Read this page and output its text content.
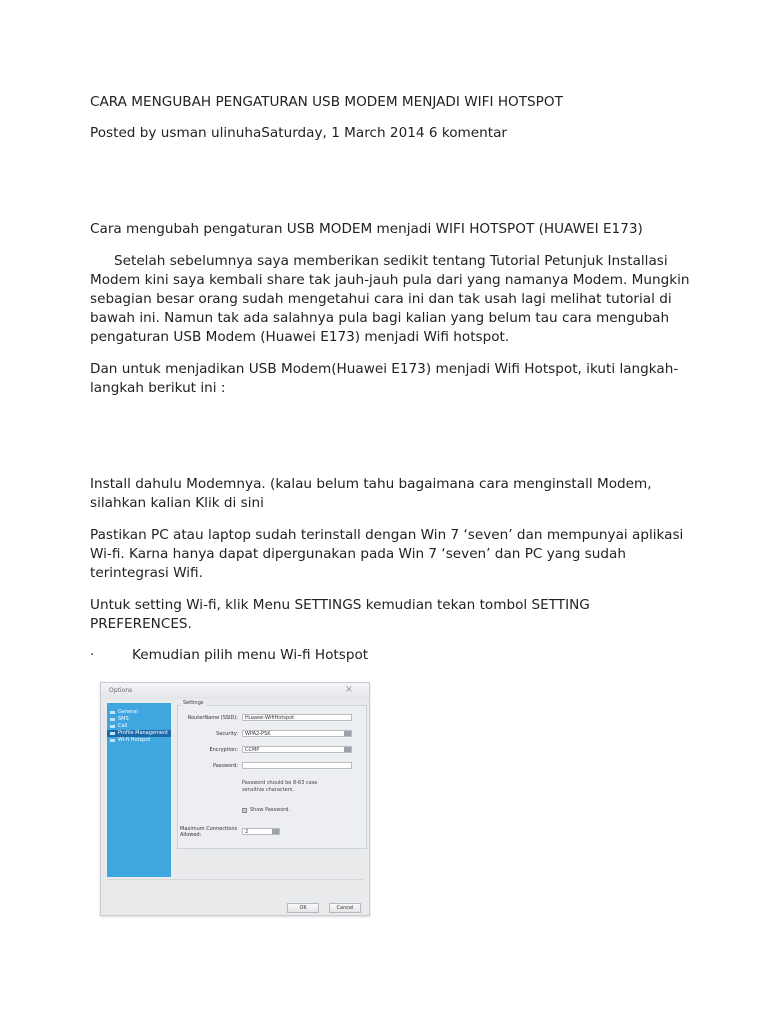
CARA MENGUBAH PENGATURAN USB MODEM MENJADI WIFI HOTSPOT

Posted by usman ulinuhaSaturday, 1 March 2014 6 komentar

Cara mengubah pengaturan USB MODEM menjadi WIFI HOTSPOT (HUAWEI E173)

Setelah sebelumnya saya memberikan sedikit tentang Tutorial Petunjuk Installasi Modem kini saya kembali share tak jauh-jauh pula dari yang namanya Modem. Mungkin sebagian besar orang sudah mengetahui cara ini dan tak usah lagi melihat tutorial di bawah ini. Namun tak ada salahnya pula bagi kalian yang belum tau cara mengubah pengaturan USB Modem (Huawei E173) menjadi Wifi hotspot.

Dan untuk menjadikan USB Modem(Huawei E173) menjadi Wifi Hotspot, ikuti langkah-langkah berikut ini :

Install dahulu Modemnya. (kalau belum tahu bagaimana cara menginstall Modem, silahkan kalian Klik di sini

Pastikan PC atau laptop sudah terinstall dengan Win 7 ‘seven’ dan mempunyai aplikasi Wi-fi. Karna hanya dapat dipergunakan pada Win 7 ‘seven’ dan PC yang sudah terintegrasi Wifi.

Untuk setting Wi-fi, klik Menu SETTINGS kemudian tekan tombol SETTING PREFERENCES.

·	Kemudian pilih menu Wi-fi Hotspot
Options	×
General
SMS
Call
Profile Management
Wi-fi Hotspot
Settings
RouterName (SSID):	Huawei-WifiHotspot
Security:	WPA2-PSK
Encryption:	CCMP
Password:
Password should be 8-63 case sensitive characters.
Show Password.
Maximum Connections Allowed:	2
OK	Cancel
